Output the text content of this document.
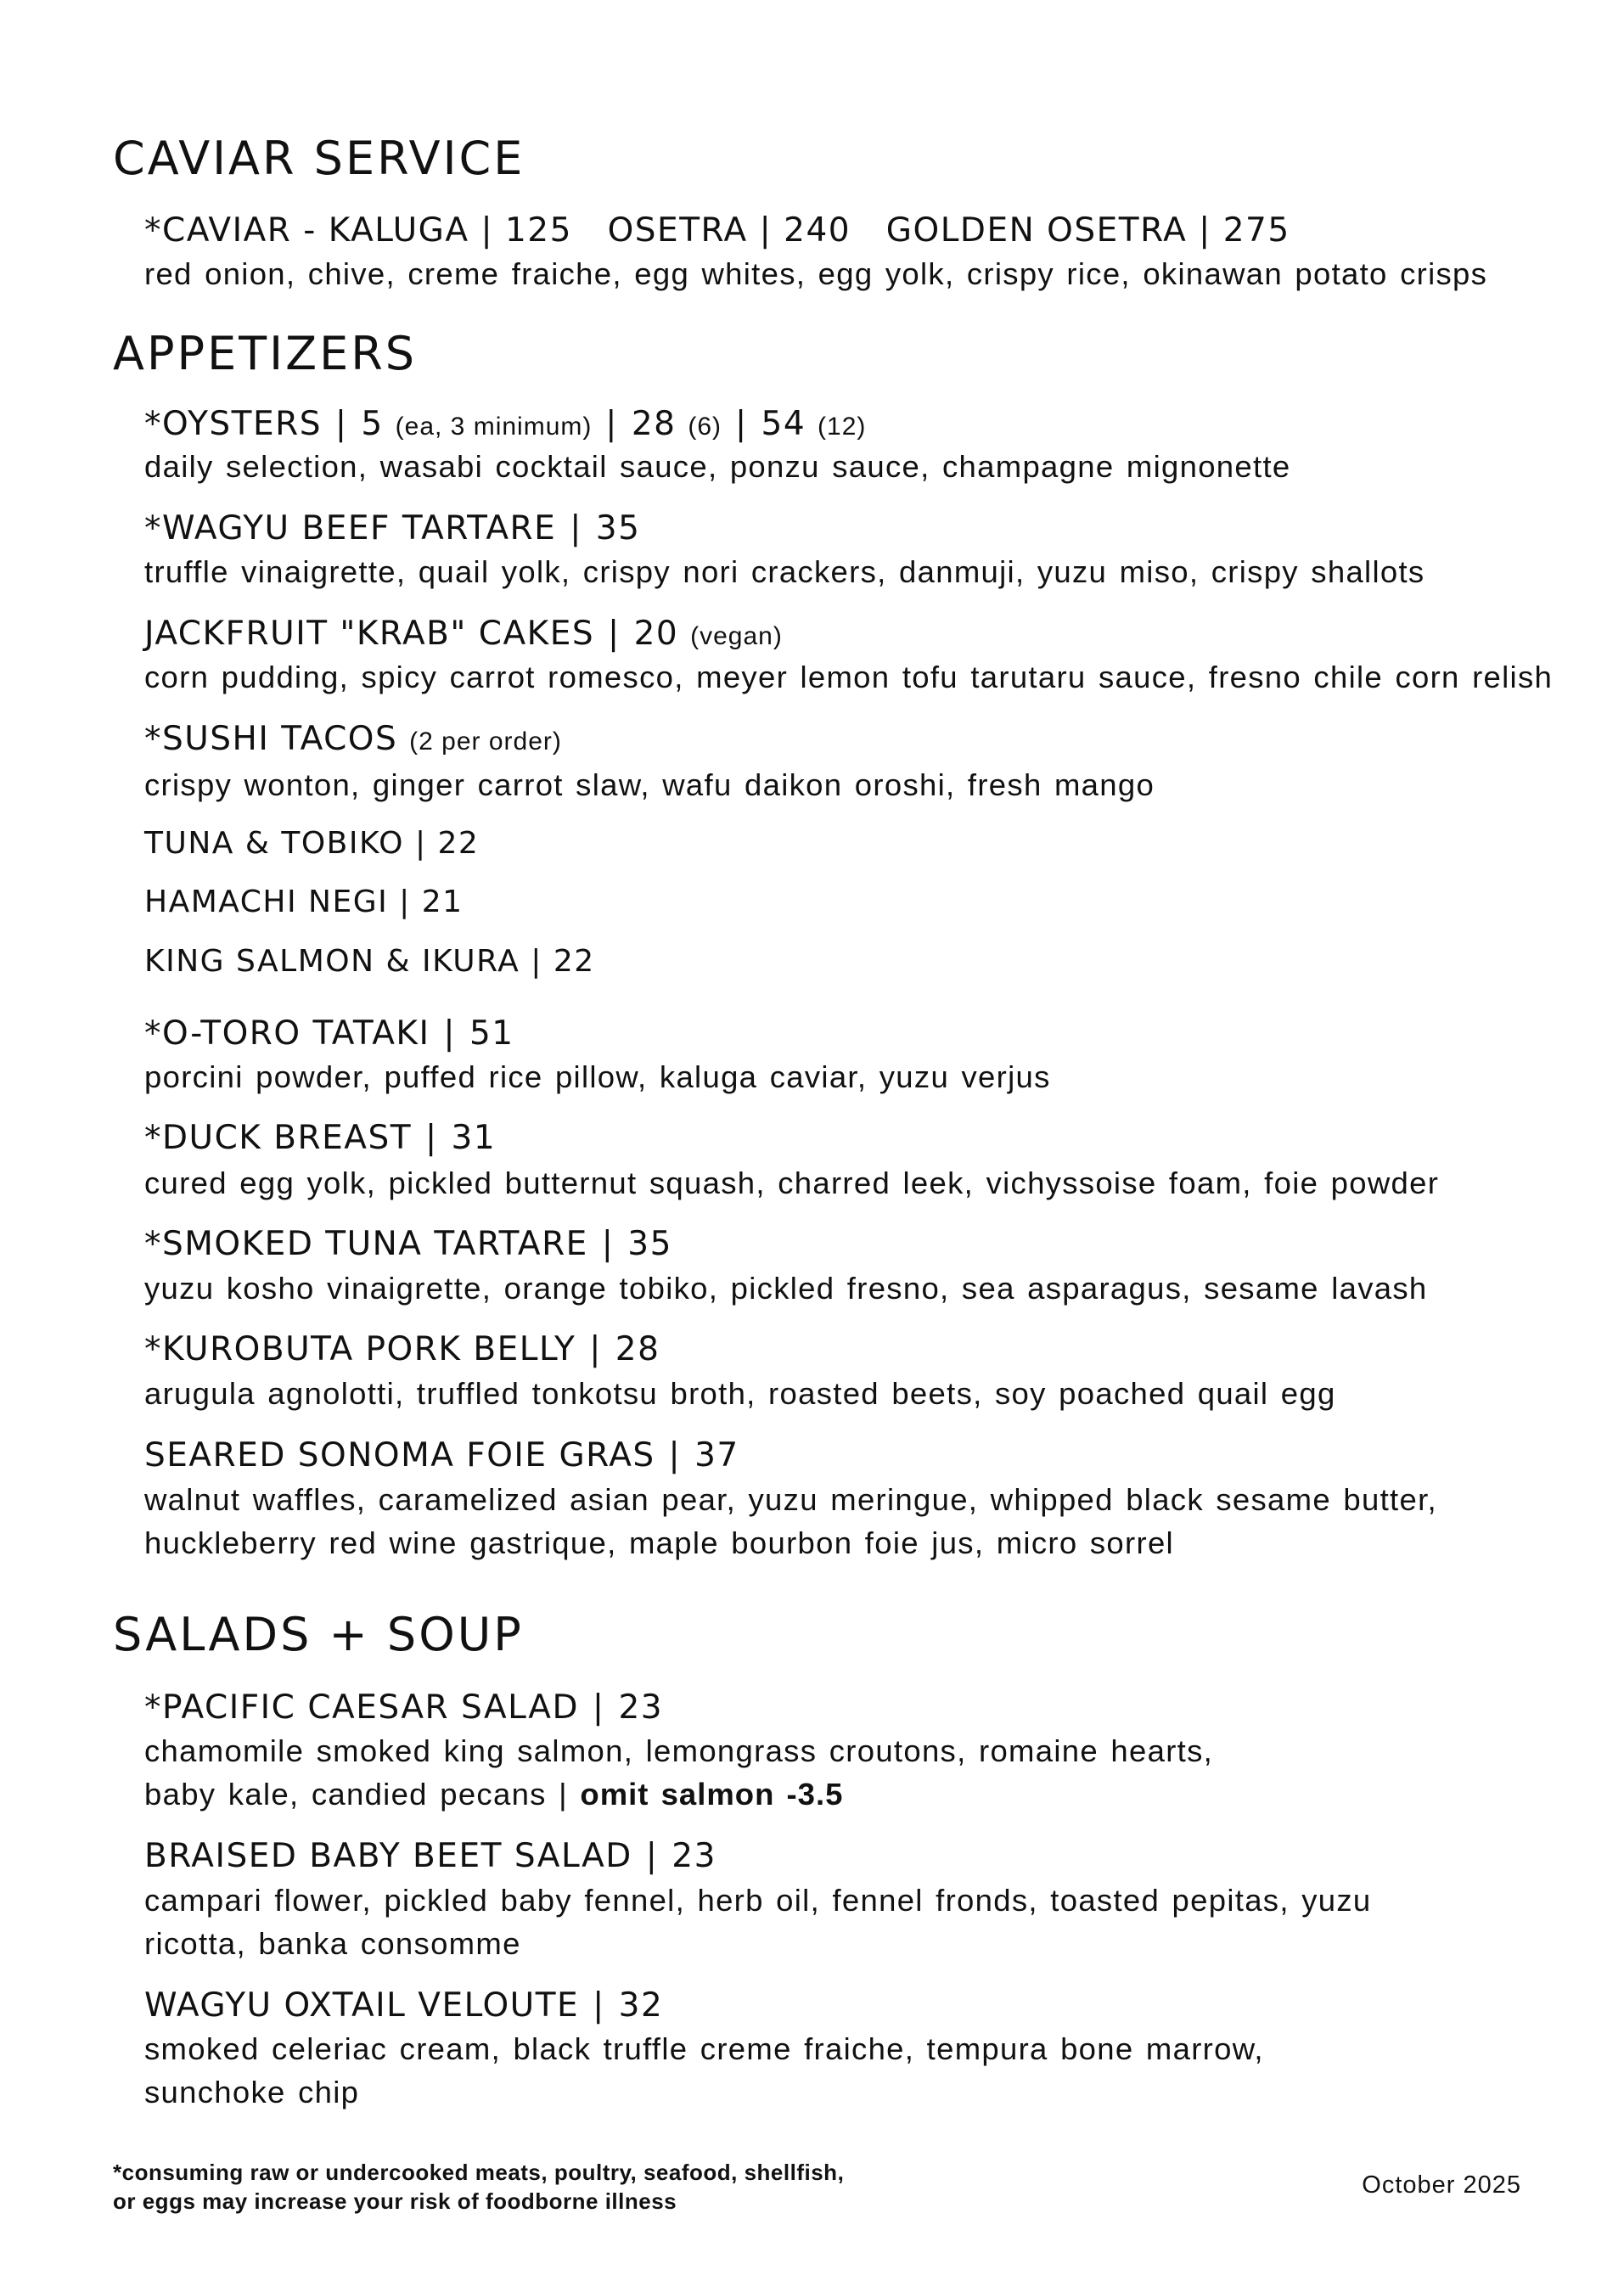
CAVIAR SERVICE
*CAVIAR - KALUGA | 125   OSETRA | 240   GOLDEN OSETRA | 275
red onion, chive, creme fraiche, egg whites, egg yolk, crispy rice, okinawan potato crisps
APPETIZERS
*OYSTERS | 5 (ea, 3 minimum) | 28 (6) | 54 (12)
daily selection, wasabi cocktail sauce, ponzu sauce, champagne mignonette
*WAGYU BEEF TARTARE | 35
truffle vinaigrette, quail yolk, crispy nori crackers, danmuji, yuzu miso, crispy shallots
JACKFRUIT "KRAB" CAKES | 20 (vegan)
corn pudding, spicy carrot romesco, meyer lemon tofu tarutaru sauce, fresno chile corn relish
*SUSHI TACOS (2 per order)
crispy wonton, ginger carrot slaw, wafu daikon oroshi, fresh mango
TUNA & TOBIKO | 22
HAMACHI NEGI | 21
KING SALMON & IKURA | 22
*O-TORO TATAKI | 51
porcini powder, puffed rice pillow, kaluga caviar, yuzu verjus
*DUCK BREAST | 31
cured egg yolk, pickled butternut squash, charred leek, vichyssoise foam, foie powder
*SMOKED TUNA TARTARE | 35
yuzu kosho vinaigrette, orange tobiko, pickled fresno, sea asparagus, sesame lavash
*KUROBUTA PORK BELLY | 28
arugula agnolotti, truffled tonkotsu broth, roasted beets, soy poached quail egg
SEARED SONOMA FOIE GRAS | 37
walnut waffles, caramelized asian pear, yuzu meringue, whipped black sesame butter,
huckleberry red wine gastrique, maple bourbon foie jus, micro sorrel
SALADS + SOUP
*PACIFIC CAESAR SALAD | 23
chamomile smoked king salmon, lemongrass croutons, romaine hearts,
baby kale, candied pecans | omit salmon -3.5
BRAISED BABY BEET SALAD | 23
campari flower, pickled baby fennel, herb oil, fennel fronds, toasted pepitas, yuzu
ricotta, banka consomme
WAGYU OXTAIL VELOUTE | 32
smoked celeriac cream, black truffle creme fraiche, tempura bone marrow,
sunchoke chip
*consuming raw or undercooked meats, poultry, seafood, shellfish,
or eggs may increase your risk of foodborne illness
October 2025
